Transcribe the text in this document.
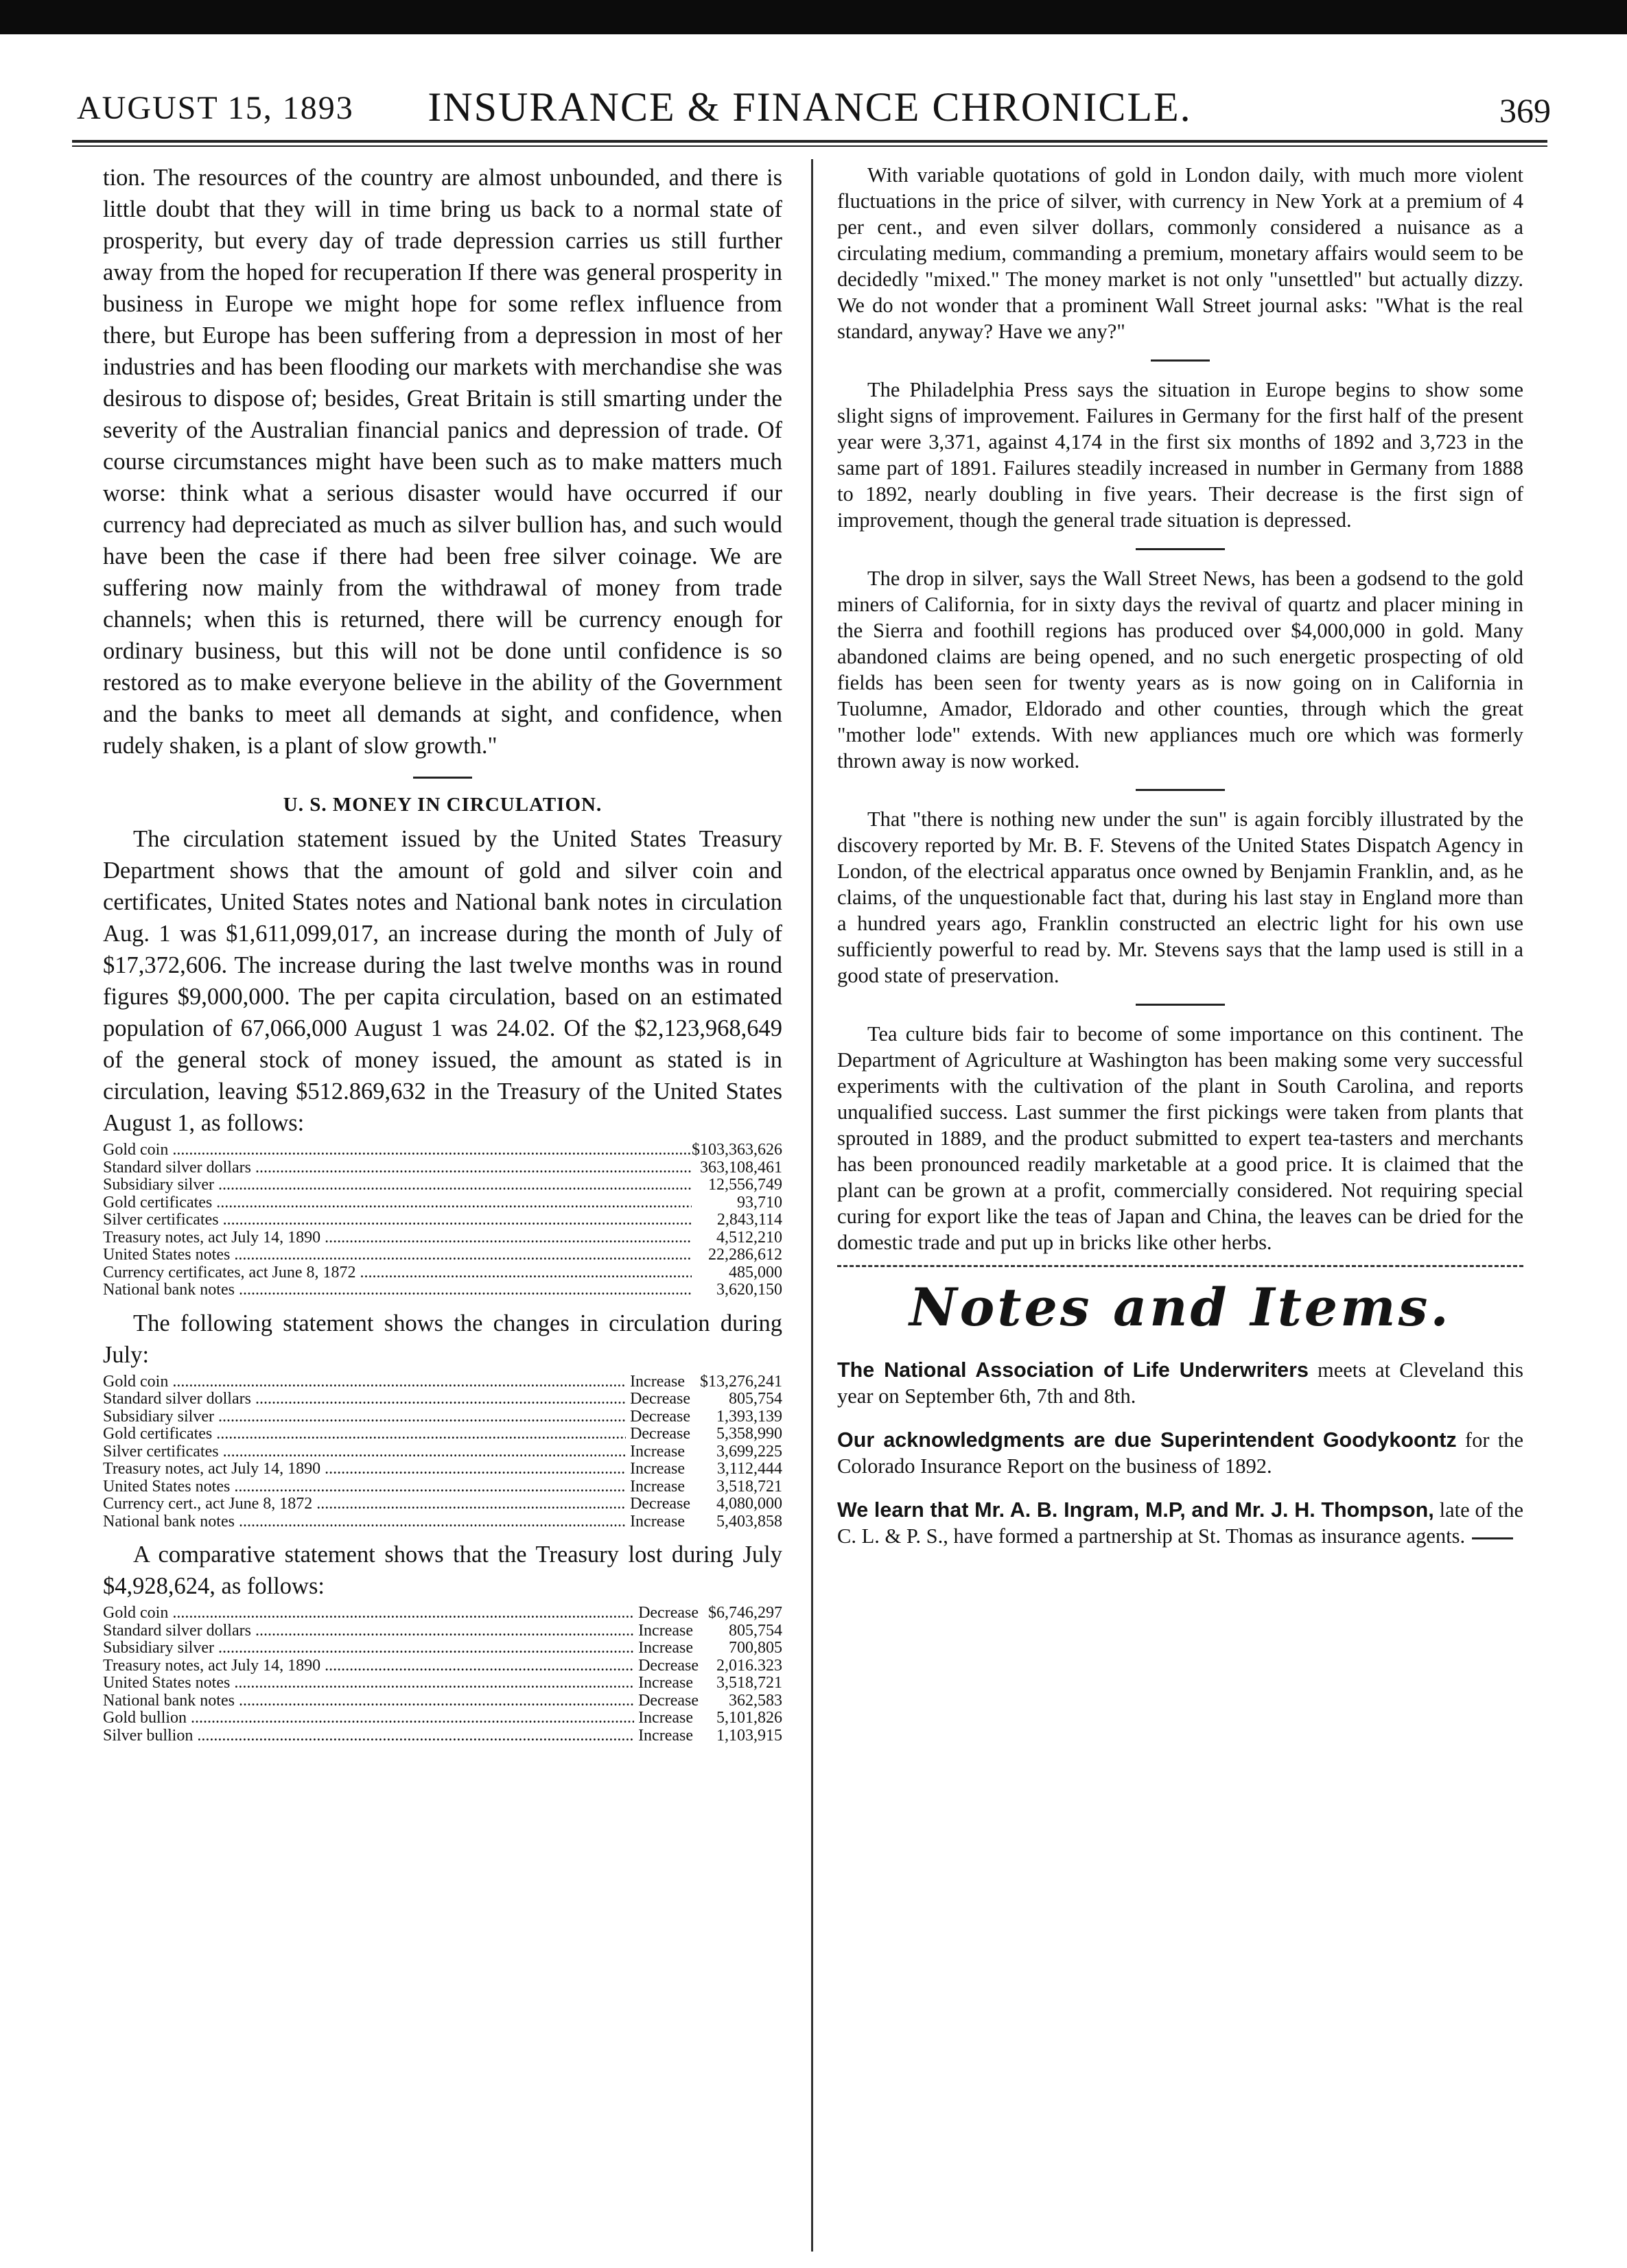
AUGUST 15, 1893	INSURANCE & FINANCE CHRONICLE.	369

tion. The resources of the country are almost unbounded, and there is little doubt that they will in time bring us back to a normal state of prosperity, but every day of trade depression carries us still further away from the hoped for recuperation If there was general prosperity in business in Europe we might hope for some reflex influence from there, but Europe has been suffering from a depression in most of her industries and has been flooding our markets with merchandise she was desirous to dispose of; besides, Great Britain is still smarting under the severity of the Australian financial panics and depression of trade. Of course circumstances might have been such as to make matters much worse: think what a serious disaster would have occurred if our currency had depreciated as much as silver bullion has, and such would have been the case if there had been free silver coinage. We are suffering now mainly from the withdrawal of money from trade channels; when this is returned, there will be currency enough for ordinary business, but this will not be done until confidence is so restored as to make everyone believe in the ability of the Government and the banks to meet all demands at sight, and confidence, when rudely shaken, is a plant of slow growth."

U. S. MONEY IN CIRCULATION.

The circulation statement issued by the United States Treasury Department shows that the amount of gold and silver coin and certificates, United States notes and National bank notes in circulation Aug. 1 was $1,611,099,017, an increase during the month of July of $17,372,606. The increase during the last twelve months was in round figures $9,000,000. The per capita circulation, based on an estimated population of 67,066,000 August 1 was 24.02. Of the $2,123,968,649 of the general stock of money issued, the amount as stated is in circulation, leaving $512.869,632 in the Treasury of the United States August 1, as follows:

Gold coin .....	$103,363,626

Standard silver dollars .....	363,108,461

Subsidiary silver .....	12,556,749

Gold certificates .....	93,710

Silver certificates .....	2,843,114

Treasury notes, act July 14, 1890 .....	4,512,210

United States notes .....	22,286,612

Currency certificates, act June 8, 1872 .....	485,000

National bank notes .....	3,620,150

The following statement shows the changes in circulation during July:

Gold coin .....	Increase	$13,276,241

Standard silver dollars .....	Decrease	805,754

Subsidiary silver .....	Decrease	1,393,139

Gold certificates .....	Decrease	5,358,990

Silver certificates .....	Increase	3,699,225

Treasury notes, act July 14, 1890 .....	Increase	3,112,444

United States notes .....	Increase	3,518,721

Currency cert., act June 8, 1872 .....	Decrease	4,080,000

National bank notes .....	Increase	5,403,858

A comparative statement shows that the Treasury lost during July $4,928,624, as follows:

Gold coin .....	Decrease	$6,746,297

Standard silver dollars .....	Increase	805,754

Subsidiary silver .....	Increase	700,805

Treasury notes, act July 14, 1890 .....	Decrease	2,016.323

United States notes .....	Increase	3,518,721

National bank notes .....	Decrease	362,583

Gold bullion .....	Increase	5,101,826

Silver bullion .....	Increase	1,103,915

With variable quotations of gold in London daily, with much more violent fluctuations in the price of silver, with currency in New York at a premium of 4 per cent., and even silver dollars, commonly considered a nuisance as a circulating medium, commanding a premium, monetary affairs would seem to be decidedly "mixed." The money market is not only "unsettled" but actually dizzy. We do not wonder that a prominent Wall Street journal asks: "What is the real standard, anyway? Have we any?"

The Philadelphia Press says the situation in Europe begins to show some slight signs of improvement. Failures in Germany for the first half of the present year were 3,371, against 4,174 in the first six months of 1892 and 3,723 in the same part of 1891. Failures steadily increased in number in Germany from 1888 to 1892, nearly doubling in five years. Their decrease is the first sign of improvement, though the general trade situation is depressed.

The drop in silver, says the Wall Street News, has been a godsend to the gold miners of California, for in sixty days the revival of quartz and placer mining in the Sierra and foothill regions has produced over $4,000,000 in gold. Many abandoned claims are being opened, and no such energetic prospecting of old fields has been seen for twenty years as is now going on in California in Tuolumne, Amador, Eldorado and other counties, through which the great "mother lode" extends. With new appliances much ore which was formerly thrown away is now worked.

That "there is nothing new under the sun" is again forcibly illustrated by the discovery reported by Mr. B. F. Stevens of the United States Dispatch Agency in London, of the electrical apparatus once owned by Benjamin Franklin, and, as he claims, of the unquestionable fact that, during his last stay in England more than a hundred years ago, Franklin constructed an electric light for his own use sufficiently powerful to read by. Mr. Stevens says that the lamp used is still in a good state of preservation.

Tea culture bids fair to become of some importance on this continent. The Department of Agriculture at Washington has been making some very successful experiments with the cultivation of the plant in South Carolina, and reports unqualified success. Last summer the first pickings were taken from plants that sprouted in 1889, and the product submitted to expert tea-tasters and merchants has been pronounced readily marketable at a good price. It is claimed that the plant can be grown at a profit, commercially considered. Not requiring special curing for export like the teas of Japan and China, the leaves can be dried for the domestic trade and put up in bricks like other herbs.

Notes and Items.

The National Association of Life Underwriters meets at Cleveland this year on September 6th, 7th and 8th.

Our acknowledgments are due Superintendent Goodykoontz for the Colorado Insurance Report on the business of 1892.

We learn that Mr. A. B. Ingram, M.P, and Mr. J. H. Thompson, late of the C. L. & P. S., have formed a partnership at St. Thomas as insurance agents.
